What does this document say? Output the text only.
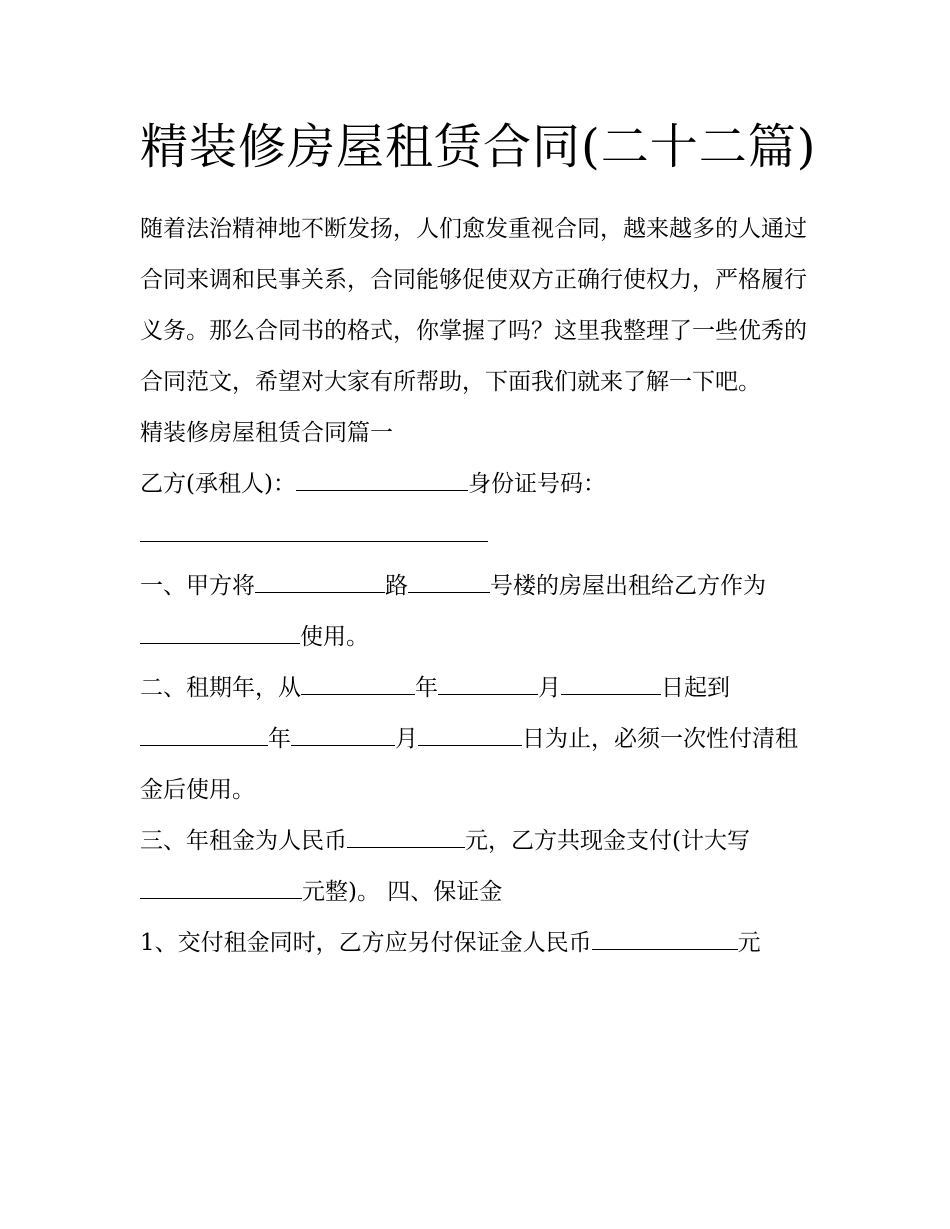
精装修房屋租赁合同(二十二篇)

随着法治精神地不断发扬，人们愈发重视合同，越来越多的人通过合同来调和民事关系，合同能够促使双方正确行使权力，严格履行义务。那么合同书的格式，你掌握了吗？这里我整理了一些优秀的合同范文，希望对大家有所帮助，下面我们就来了解一下吧。

精装修房屋租赁合同篇一

乙方(承租人)：	身份证号码：

一、甲方将	路	号楼的房屋出租给乙方作为使用。

二、租期年，从	年	月	日起到
年	月	日为止，必须一次性付清租金后使用。

三、年租金为人民币	元，乙方共现金支付(计大写
元整)。 四、保证金

1、交付租金同时，乙方应另付保证金人民币	元
